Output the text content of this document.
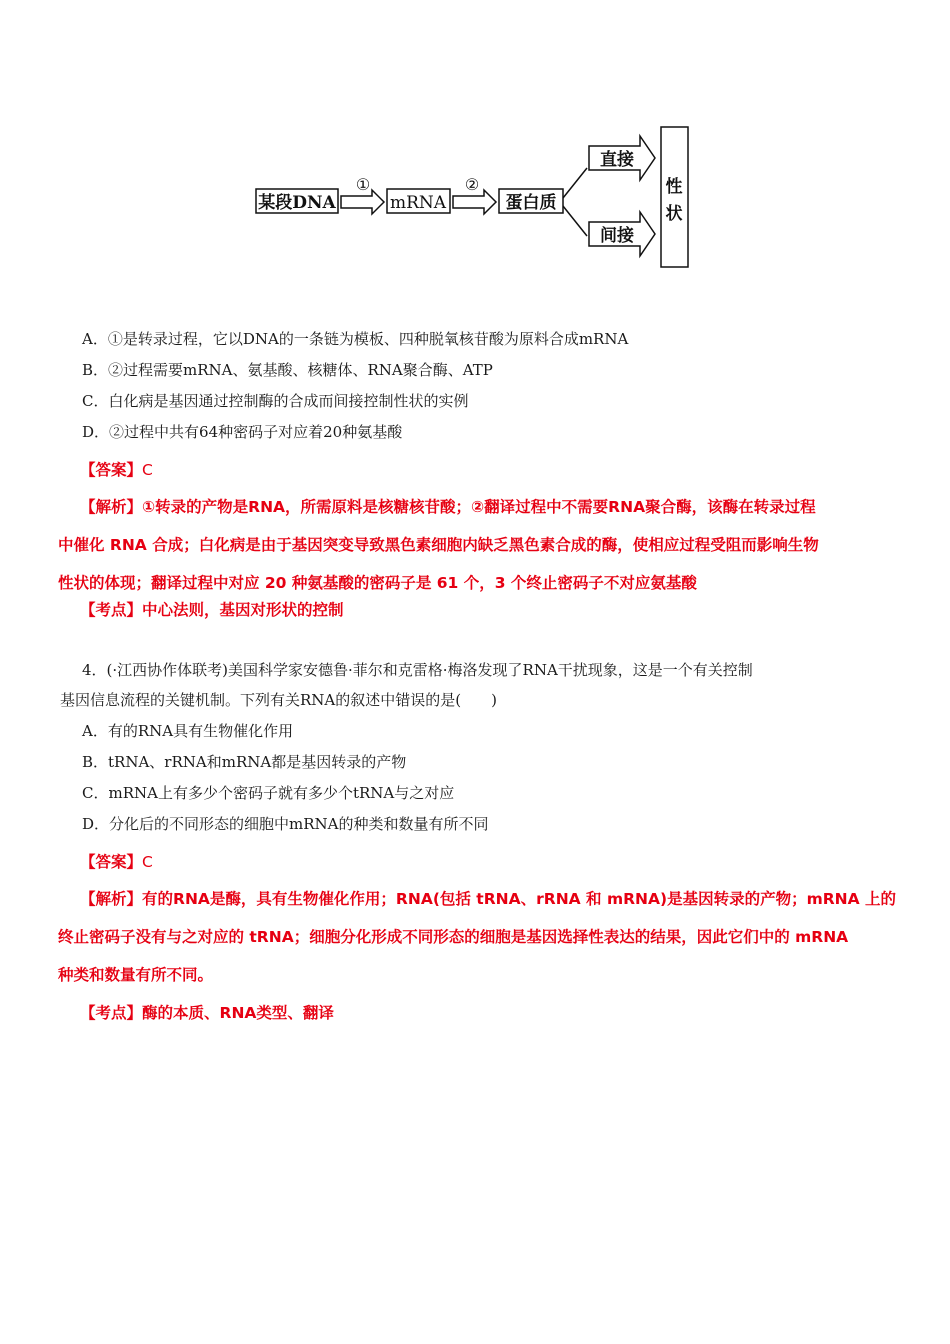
某段DNA
①
mRNA
②
蛋白质
直接
间接
性
状
A．①是转录过程，它以DNA的一条链为模板、四种脱氧核苷酸为原料合成mRNA
B．②过程需要mRNA、氨基酸、核糖体、RNA聚合酶、ATP
C．白化病是基因通过控制酶的合成而间接控制性状的实例
D．②过程中共有64种密码子对应着20种氨基酸
【答案】C
【解析】①转录的产物是RNA，所需原料是核糖核苷酸；②翻译过程中不需要RNA聚合酶，该酶在转录过程
中催化 RNA 合成；白化病是由于基因突变导致黑色素细胞内缺乏黑色素合成的酶，使相应过程受阻而影响生物
性状的体现；翻译过程中对应 20 种氨基酸的密码子是 61 个，3 个终止密码子不对应氨基酸
【考点】中心法则，基因对形状的控制
4．(·江西协作体联考)美国科学家安德鲁·菲尔和克雷格·梅洛发现了RNA干扰现象，这是一个有关控制
基因信息流程的关键机制。下列有关RNA的叙述中错误的是(　　)
A．有的RNA具有生物催化作用
B．tRNA、rRNA和mRNA都是基因转录的产物
C．mRNA上有多少个密码子就有多少个tRNA与之对应
D．分化后的不同形态的细胞中mRNA的种类和数量有所不同
【答案】C
【解析】有的RNA是酶，具有生物催化作用；RNA(包括 tRNA、rRNA 和 mRNA)是基因转录的产物；mRNA 上的
终止密码子没有与之对应的 tRNA；细胞分化形成不同形态的细胞是基因选择性表达的结果，因此它们中的 mRNA
种类和数量有所不同。
【考点】酶的本质、RNA类型、翻译
